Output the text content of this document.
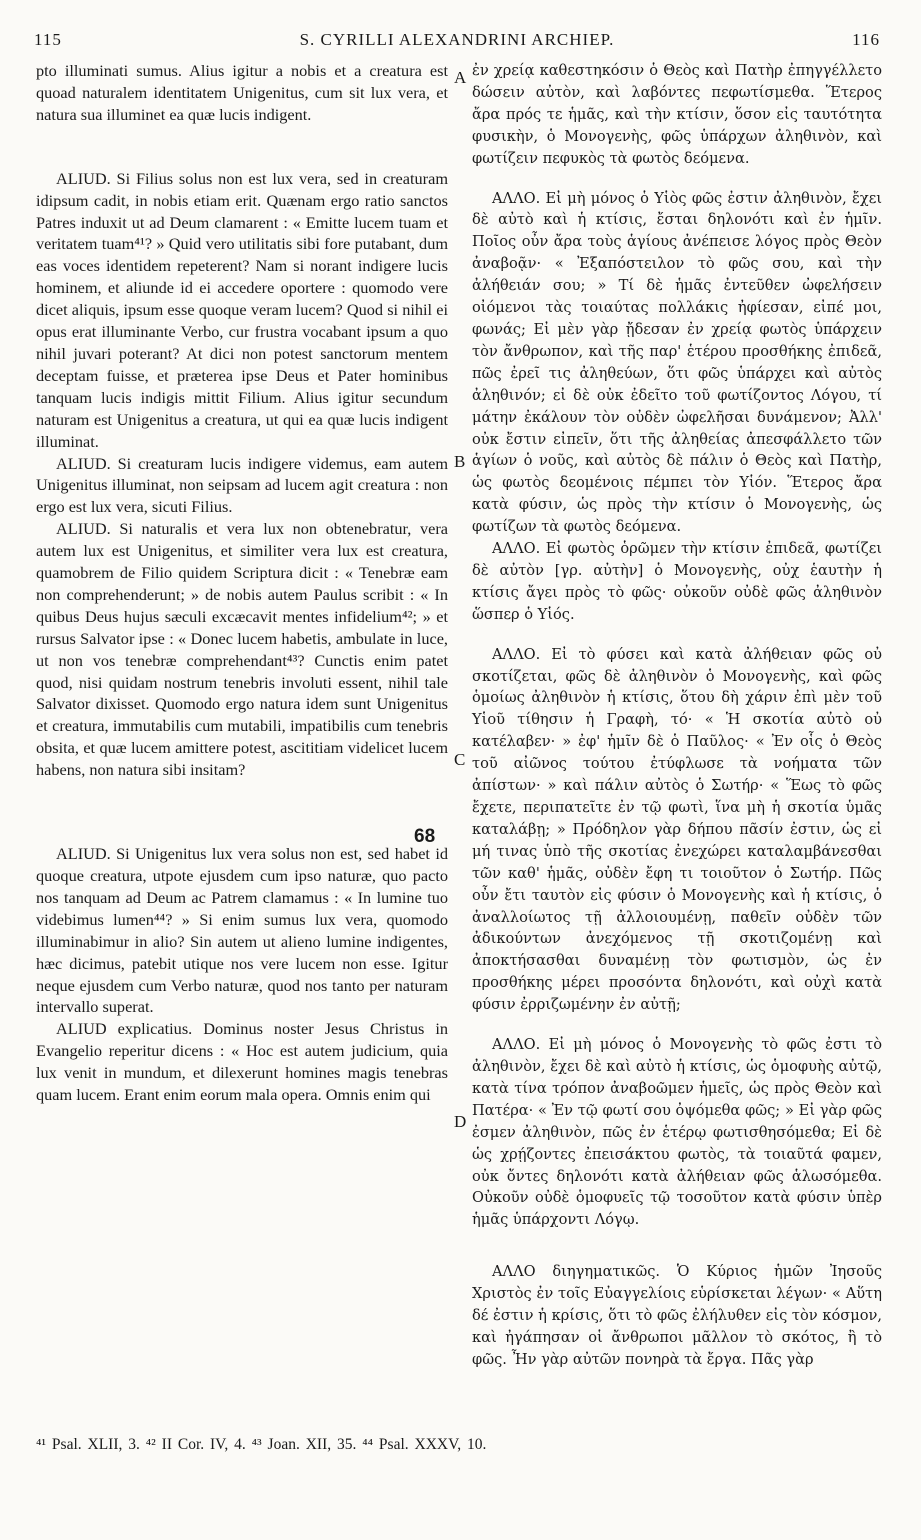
115	S. CYRILLI ALEXANDRINI ARCHIEP.	116

pto illuminati sumus. Alius igitur a nobis et a creatura est quoad naturalem identitatem Unigenitus, cum sit lux vera, et natura sua illuminet ea quæ lucis indigent.

ALIUD. Si Filius solus non est lux vera, sed in creaturam idipsum cadit, in nobis etiam erit. Quænam ergo ratio sanctos Patres induxit ut ad Deum clamarent : « Emitte lucem tuam et veritatem tuam⁴¹? » Quid vero utilitatis sibi fore putabant, dum eas voces identidem repeterent? Nam si norant indigere lucis hominem, et aliunde id ei accedere oportere : quomodo vere dicet aliquis, ipsum esse quoque veram lucem? Quod si nihil ei opus erat illuminante Verbo, cur frustra vocabant ipsum a quo nihil juvari poterant? At dici non potest sanctorum mentem deceptam fuisse, et præterea ipse Deus et Pater hominibus tanquam lucis indigis mittit Filium. Alius igitur secundum naturam est Unigenitus a creatura, ut qui ea quæ lucis indigent illuminat.

ALIUD. Si creaturam lucis indigere videmus, eam autem Unigenitus illuminat, non seipsam ad lucem agit creatura : non ergo est lux vera, sicuti Filius.

ALIUD. Si naturalis et vera lux non obtenebratur, vera autem lux est Unigenitus, et similiter vera lux est creatura, quamobrem de Filio quidem Scriptura dicit : « Tenebræ eam non comprehenderunt; » de nobis autem Paulus scribit : « In quibus Deus hujus sæculi excæcavit mentes infidelium⁴²; » et rursus Salvator ipse : « Donec lucem habetis, ambulate in luce, ut non vos tenebræ comprehendant⁴³? Cunctis enim patet quod, nisi quidam nostrum tenebris involuti essent, nihil tale Salvator dixisset. Quomodo ergo natura idem sunt Unigenitus et creatura, immutabilis cum mutabili, impatibilis cum tenebris obsita, et quæ lucem amittere potest, ascititiam videlicet lucem habens, non natura sibi insitam?

ALIUD. Si Unigenitus lux vera solus non est, sed habet id quoque creatura, utpote ejusdem cum ipso naturæ, quo pacto nos tanquam ad Deum ac Patrem clamamus : « In lumine tuo videbimus lumen⁴⁴? » Si enim sumus lux vera, quomodo illuminabimur in alio? Sin autem ut alieno lumine indigentes, hæc dicimus, patebit utique nos vere lucem non esse. Igitur neque ejusdem cum Verbo naturæ, quod nos tanto per naturam intervallo superat.

ALIUD explicatius. Dominus noster Jesus Christus in Evangelio reperitur dicens : « Hoc est autem judicium, quia lux venit in mundum, et dilexerunt homines magis tenebras quam lucem. Erant enim eorum mala opera. Omnis enim qui

ἐν χρείᾳ καθεστηκόσιν ὁ Θεὸς καὶ Πατὴρ ἐπηγγέλλετο δώσειν αὐτὸν, καὶ λαβόντες πεφωτίσμεθα. Ἕτερος ἄρα πρός τε ἡμᾶς, καὶ τὴν κτίσιν, ὅσον εἰς ταυτότητα φυσικὴν, ὁ Μονογενὴς, φῶς ὑπάρχων ἀληθινὸν, καὶ φωτίζειν πεφυκὸς τὰ φωτὸς δεόμενα.

ΑΛΛΟ. Εἰ μὴ μόνος ὁ Υἱὸς φῶς ἐστιν ἀληθινὸν, ἔχει δὲ αὐτὸ καὶ ἡ κτίσις, ἔσται δηλονότι καὶ ἐν ἡμῖν. Ποῖος οὖν ἄρα τοὺς ἁγίους ἀνέπεισε λόγος πρὸς Θεὸν ἀναβοᾷν· « Ἐξαπόστειλον τὸ φῶς σου, καὶ τὴν ἀλήθειάν σου; » Τί δὲ ἡμᾶς ἐντεῦθεν ὠφελήσειν οἰόμενοι τὰς τοιαύτας πολλάκις ἠφίεσαν, εἰπέ μοι, φωνάς; Εἰ μὲν γὰρ ᾔδεσαν ἐν χρείᾳ φωτὸς ὑπάρχειν τὸν ἄνθρωπον, καὶ τῆς παρ' ἑτέρου προσθήκης ἐπιδεᾶ, πῶς ἐρεῖ τις ἀληθεύων, ὅτι φῶς ὑπάρχει καὶ αὐτὸς ἀληθινόν; εἰ δὲ οὐκ ἐδεῖτο τοῦ φωτίζοντος Λόγου, τί μάτην ἐκάλουν τὸν οὐδὲν ὠφελῆσαι δυνάμενον; Ἀλλ' οὐκ ἔστιν εἰπεῖν, ὅτι τῆς ἀληθείας ἀπεσφάλλετο τῶν ἁγίων ὁ νοῦς, καὶ αὐτὸς δὲ πάλιν ὁ Θεὸς καὶ Πατὴρ, ὡς φωτὸς δεομένοις πέμπει τὸν Υἱόν. Ἕτερος ἄρα κατὰ φύσιν, ὡς πρὸς τὴν κτίσιν ὁ Μονογενὴς, ὡς φωτίζων τὰ φωτὸς δεόμενα.

ΑΛΛΟ. Εἰ φωτὸς ὁρῶμεν τὴν κτίσιν ἐπιδεᾶ, φωτίζει δὲ αὐτὸν [γρ. αὐτὴν] ὁ Μονογενὴς, οὐχ ἑαυτὴν ἡ κτίσις ἄγει πρὸς τὸ φῶς· οὐκοῦν οὐδὲ φῶς ἀληθινὸν ὥσπερ ὁ Υἱός.

ΑΛΛΟ. Εἰ τὸ φύσει καὶ κατὰ ἀλήθειαν φῶς οὐ σκοτίζεται, φῶς δὲ ἀληθινὸν ὁ Μονογενὴς, καὶ φῶς ὁμοίως ἀληθινὸν ἡ κτίσις, ὅτου δὴ χάριν ἐπὶ μὲν τοῦ Υἱοῦ τίθησιν ἡ Γραφὴ, τό· « Ἡ σκοτία αὐτὸ οὐ κατέλαβεν· » ἐφ' ἡμῖν δὲ ὁ Παῦλος· « Ἐν οἷς ὁ Θεὸς τοῦ αἰῶνος τούτου ἐτύφλωσε τὰ νοήματα τῶν ἀπίστων· » καὶ πάλιν αὐτὸς ὁ Σωτήρ· « Ἕως τὸ φῶς ἔχετε, περιπατεῖτε ἐν τῷ φωτὶ, ἵνα μὴ ἡ σκοτία ὑμᾶς καταλάβῃ; » Πρόδηλον γὰρ δήπου πᾶσίν ἐστιν, ὡς εἰ μή τινας ὑπὸ τῆς σκοτίας ἐνεχώρει καταλαμβάνεσθαι τῶν καθ' ἡμᾶς, οὐδὲν ἔφη τι τοιοῦτον ὁ Σωτήρ. Πῶς οὖν ἔτι ταυτὸν εἰς φύσιν ὁ Μονογενὴς καὶ ἡ κτίσις, ὁ ἀναλλοίωτος τῇ ἀλλοιουμένῃ, παθεῖν οὐδὲν τῶν ἀδικούντων ἀνεχόμενος τῇ σκοτιζομένῃ καὶ ἀποκτήσασθαι δυναμένῃ τὸν φωτισμὸν, ὡς ἐν προσθήκης μέρει προσόντα δηλονότι, καὶ οὐχὶ κατὰ φύσιν ἐρριζωμένην ἐν αὐτῇ;

ΑΛΛΟ. Εἰ μὴ μόνος ὁ Μονογενὴς τὸ φῶς ἐστι τὸ ἀληθινὸν, ἔχει δὲ καὶ αὐτὸ ἡ κτίσις, ὡς ὁμοφυὴς αὐτῷ, κατὰ τίνα τρόπον ἀναβοῶμεν ἡμεῖς, ὡς πρὸς Θεὸν καὶ Πατέρα· « Ἐν τῷ φωτί σου ὀψόμεθα φῶς; » Εἰ γὰρ φῶς ἐσμεν ἀληθινὸν, πῶς ἐν ἑτέρῳ φωτισθησόμεθα; Εἰ δὲ ὡς χρῄζοντες ἐπεισάκτου φωτὸς, τὰ τοιαῦτά φαμεν, οὐκ ὄντες δηλονότι κατὰ ἀλήθειαν φῶς ἁλωσόμεθα. Οὐκοῦν οὐδὲ ὁμοφυεῖς τῷ τοσοῦτον κατὰ φύσιν ὑπὲρ ἡμᾶς ὑπάρχοντι Λόγῳ.

ΑΛΛΟ διηγηματικῶς. Ὁ Κύριος ἡμῶν Ἰησοῦς Χριστὸς ἐν τοῖς Εὐαγγελίοις εὑρίσκεται λέγων· « Αὕτη δέ ἐστιν ἡ κρίσις, ὅτι τὸ φῶς ἐλήλυθεν εἰς τὸν κόσμον, καὶ ἠγάπησαν οἱ ἄνθρωποι μᾶλλον τὸ σκότος, ἢ τὸ φῶς. Ἦν γὰρ αὐτῶν πονηρὰ τὰ ἔργα. Πᾶς γὰρ

A
B
C
D
68
⁴¹ Psal. XLII, 3. ⁴² II Cor. IV, 4. ⁴³ Joan. XII, 35. ⁴⁴ Psal. XXXV, 10.
